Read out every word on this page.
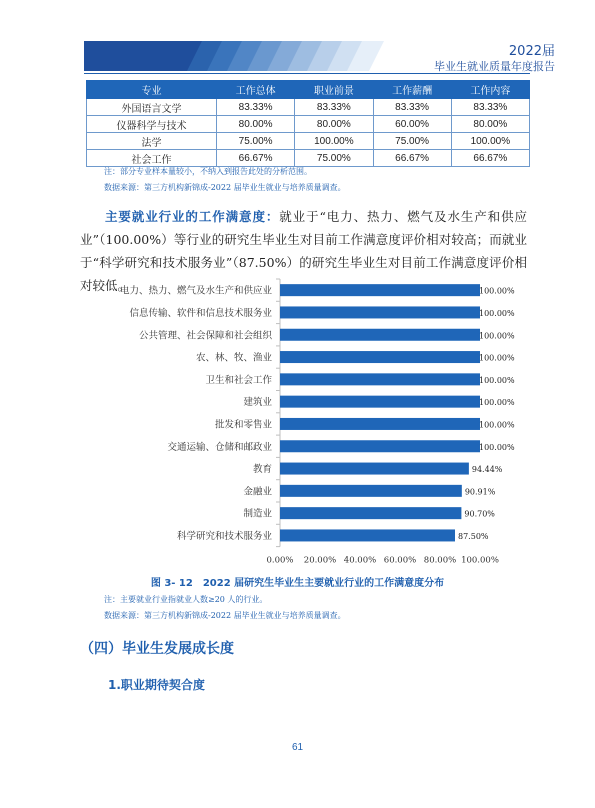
2022届
毕业生就业质量年度报告
专业	工作总体	职业前景	工作薪酬	工作内容
外国语言文学	83.33%	83.33%	83.33%	83.33%
仪器科学与技术	80.00%	80.00%	60.00%	80.00%
法学	75.00%	100.00%	75.00%	100.00%
社会工作	66.67%	75.00%	66.67%	66.67%
注：部分专业样本量较小，不纳入到报告此处的分析范围。
数据来源：第三方机构新锦成-2022 届毕业生就业与培养质量调查。
主要就业行业的工作满意度：就业于“电力、热力、燃气及水生产和供应业”（100.00%）等行业的研究生毕业生对目前工作满意度评价相对较高；而就业于“科学研究和技术服务业”（87.50%）的研究生毕业生对目前工作满意度评价相对较低。
电力、热力、燃气及水生产和供应业	100.00%
信息传输、软件和信息技术服务业	100.00%
公共管理、社会保障和社会组织	100.00%
农、林、牧、渔业	100.00%
卫生和社会工作	100.00%
建筑业	100.00%
批发和零售业	100.00%
交通运输、仓储和邮政业	100.00%
教育	94.44%
金融业	90.91%
制造业	90.70%
科学研究和技术服务业	87.50%
0.00% 20.00% 40.00% 60.00% 80.00% 100.00%
图 3- 12　2022 届研究生毕业生主要就业行业的工作满意度分布
注：主要就业行业指就业人数≥20 人的行业。
数据来源：第三方机构新锦成-2022 届毕业生就业与培养质量调查。
（四）毕业生发展成长度
1.职业期待契合度
61
